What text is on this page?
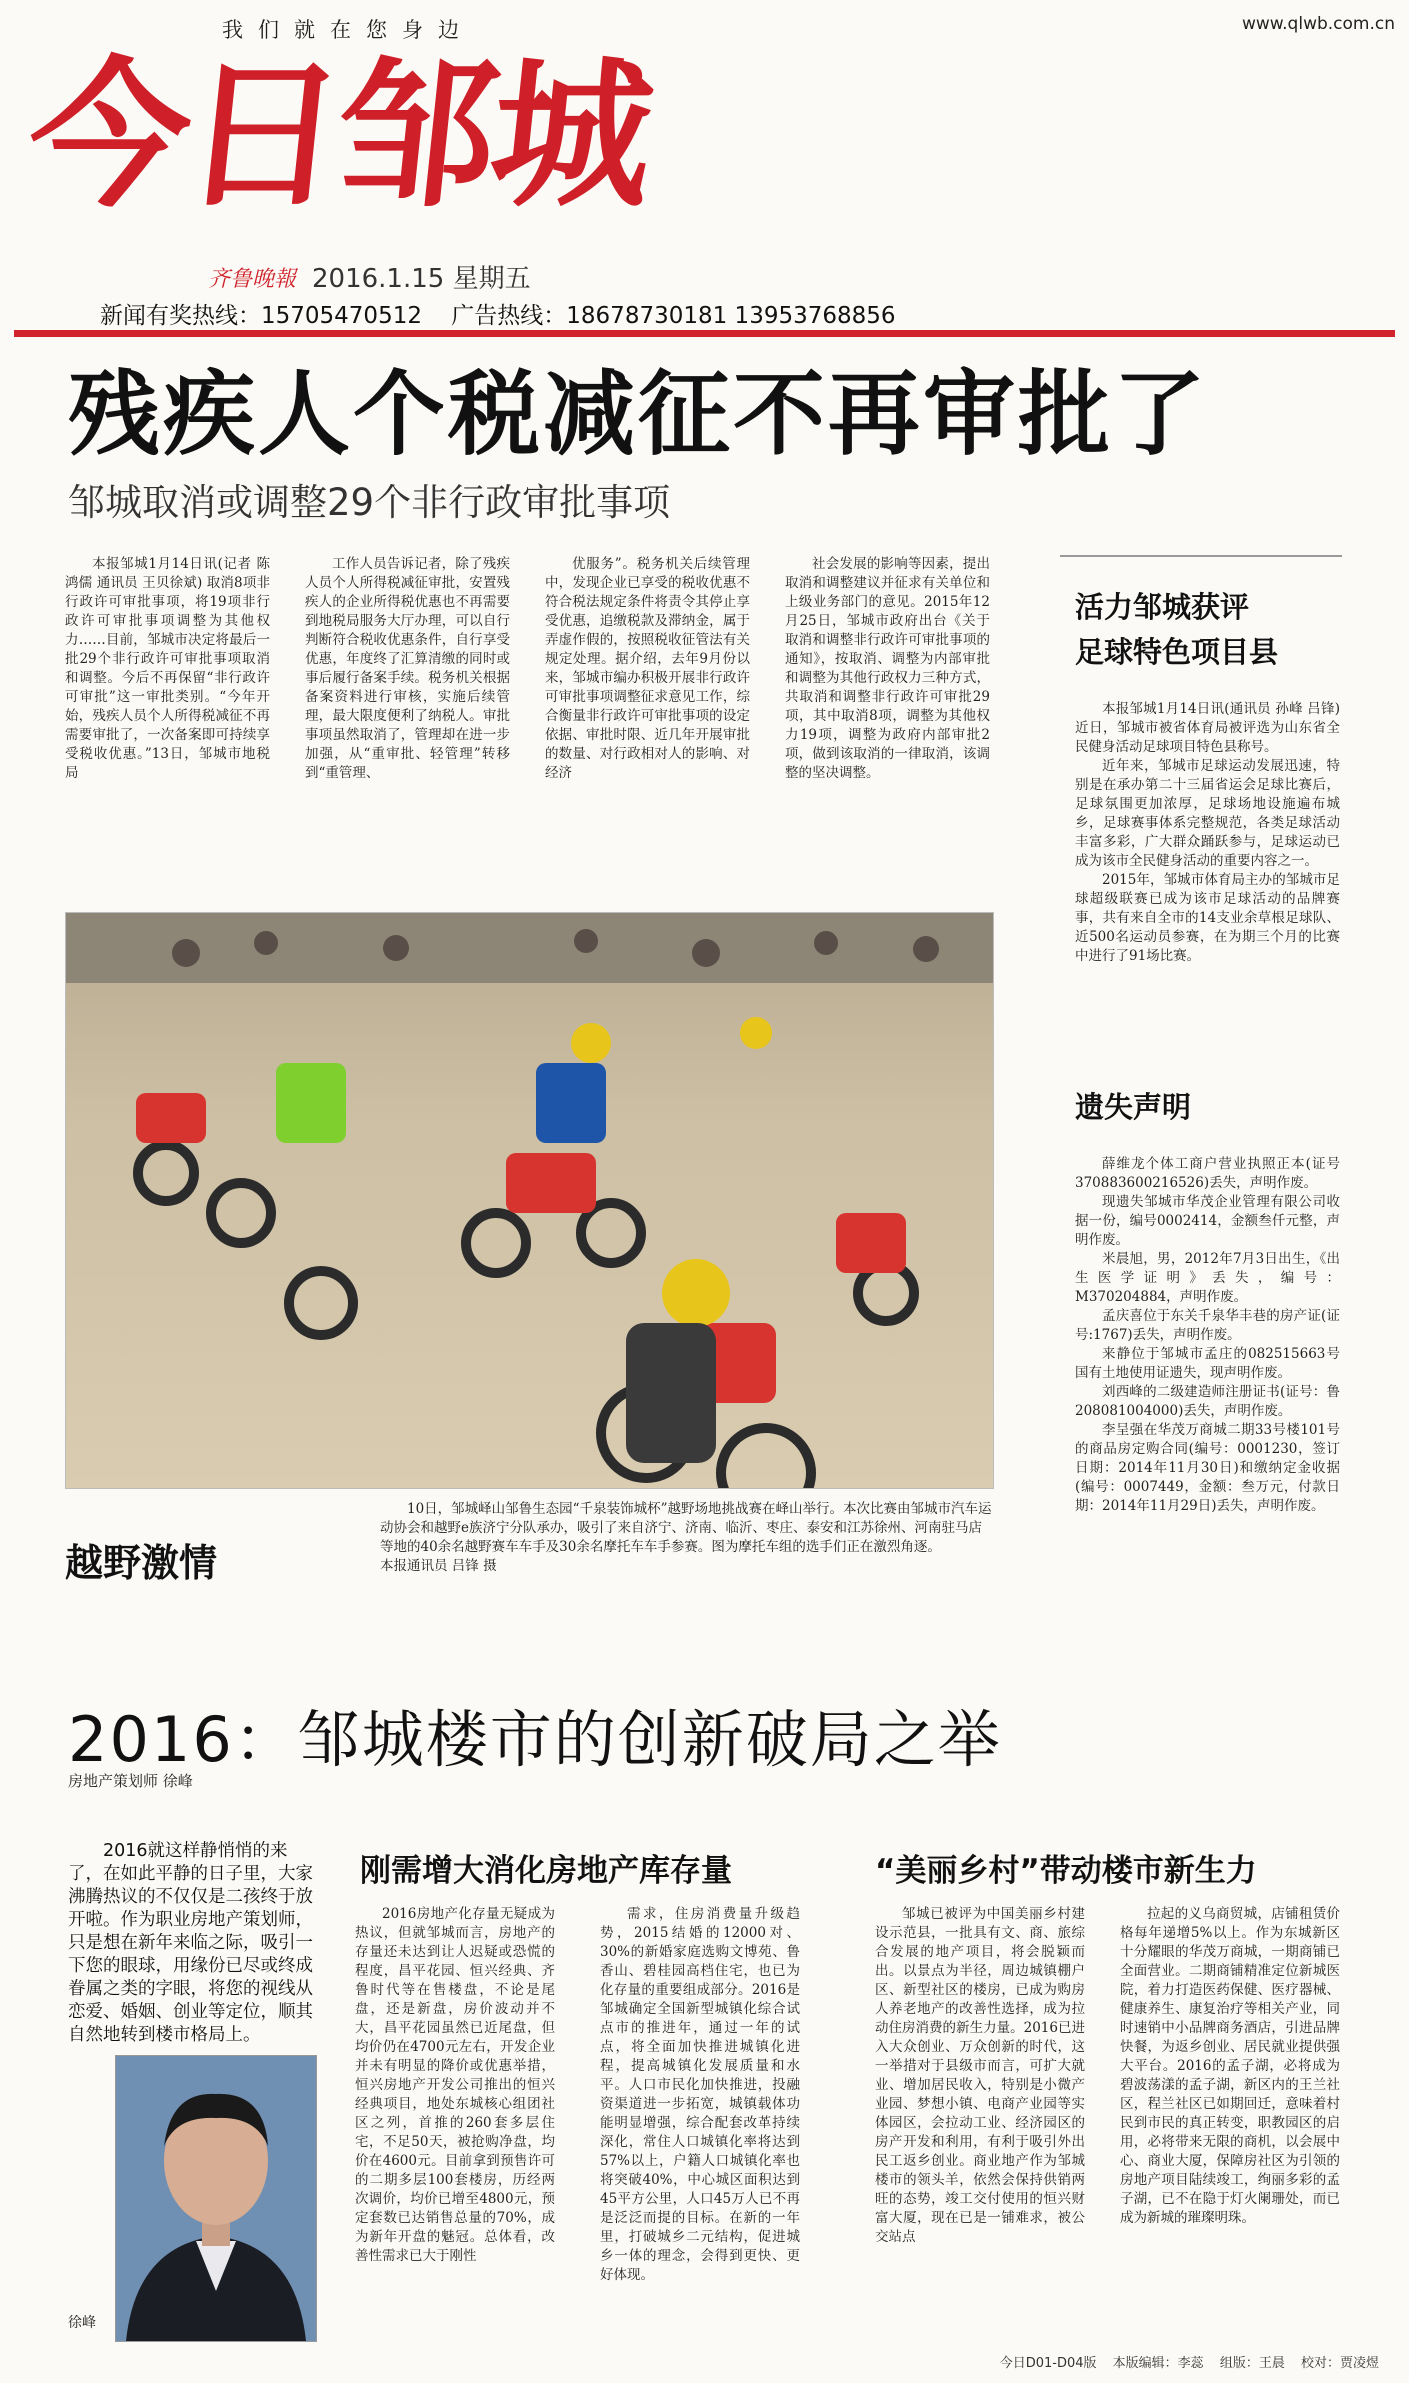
我们就在您身边	www.qlwb.com.cn
今日邹城
齐鲁晚報 2016.1.15 星期五
新闻有奖热线：15705470512 广告热线：18678730181 13953768856
残疾人个税减征不再审批了
邹城取消或调整29个非行政审批事项

本报邹城1月14日讯(记者 陈鸿儒 通讯员 王贝徐斌) 取消8项非行政许可审批事项，将19项非行政许可审批事项调整为其他权力……目前，邹城市决定将最后一批29个非行政许可审批事项取消和调整。今后不再保留“非行政许可审批”这一审批类别。“今年开始，残疾人员个人所得税减征不再需要审批了，一次备案即可持续享受税收优惠。”13日，邹城市地税局

工作人员告诉记者，除了残疾人员个人所得税减征审批，安置残疾人的企业所得税优惠也不再需要到地税局服务大厅办理，可以自行判断符合税收优惠条件，自行享受优惠，年度终了汇算清缴的同时或事后履行备案手续。税务机关根据备案资料进行审核，实施后续管理，最大限度便利了纳税人。审批事项虽然取消了，管理却在进一步加强，从“重审批、轻管理”转移到“重管理、

优服务”。税务机关后续管理中，发现企业已享受的税收优惠不符合税法规定条件将责令其停止享受优惠，追缴税款及滞纳金，属于弄虚作假的，按照税收征管法有关规定处理。据介绍，去年9月份以来，邹城市编办积极开展非行政许可审批事项调整征求意见工作，综合衡量非行政许可审批事项的设定依据、审批时限、近几年开展审批的数量、对行政相对人的影响、对经济

社会发展的影响等因素，提出取消和调整建议并征求有关单位和上级业务部门的意见。2015年12月25日，邹城市政府出台《关于取消和调整非行政许可审批事项的通知》，按取消、调整为内部审批和调整为其他行政权力三种方式，共取消和调整非行政许可审批29项，其中取消8项，调整为其他权力19项，调整为政府内部审批2项，做到该取消的一律取消，该调整的坚决调整。

活力邹城获评
足球特色项目县

本报邹城1月14日讯(通讯员 孙峰 吕锋) 近日，邹城市被省体育局被评选为山东省全民健身活动足球项目特色县称号。

近年来，邹城市足球运动发展迅速，特别是在承办第二十三届省运会足球比赛后，足球氛围更加浓厚，足球场地设施遍布城乡，足球赛事体系完整规范，各类足球活动丰富多彩，广大群众踊跃参与，足球运动已成为该市全民健身活动的重要内容之一。

2015年，邹城市体育局主办的邹城市足球超级联赛已成为该市足球活动的品牌赛事，共有来自全市的14支业余草根足球队、近500名运动员参赛，在为期三个月的比赛中进行了91场比赛。

遗失声明

薛维龙个体工商户营业执照正本(证号370883600216526)丢失，声明作废。

现遗失邹城市华茂企业管理有限公司收据一份，编号0002414，金额叁仟元整，声明作废。

米晨旭，男，2012年7月3日出生，《出生医学证明》丢失，编号：M370204884，声明作废。

孟庆喜位于东关千泉华丰巷的房产证(证号:1767)丢失，声明作废。

来静位于邹城市孟庄的082515663号国有土地使用证遗失，现声明作废。

刘西峰的二级建造师注册证书(证号：鲁208081004000)丢失，声明作废。

李呈强在华茂万商城二期33号楼101号的商品房定购合同(编号：0001230，签订日期：2014年11月30日)和缴纳定金收据(编号：0007449，金额：叁万元，付款日期：2014年11月29日)丢失，声明作废。

10日，邹城峄山邹鲁生态园“千泉装饰城杯”越野场地挑战赛在峄山举行。本次比赛由邹城市汽车运动协会和越野e族济宁分队承办，吸引了来自济宁、济南、临沂、枣庄、泰安和江苏徐州、河南驻马店等地的40余名越野赛车车手及30余名摩托车车手参赛。图为摩托车组的选手们正在激烈角逐。
本报通讯员 吕锋 摄
越野激情
2016：邹城楼市的创新破局之举
房地产策划师 徐峰
2016就这样静悄悄的来了，在如此平静的日子里，大家沸腾热议的不仅仅是二孩终于放开啦。作为职业房地产策划师，只是想在新年来临之际，吸引一下您的眼球，用缘份已尽或终成眷属之类的字眼，将您的视线从恋爱、婚姻、创业等定位，顺其自然地转到楼市格局上。
徐峰
刚需增大消化房地产库存量

2016房地产化存量无疑成为热议，但就邹城而言，房地产的存量还未达到让人迟疑或恐慌的程度，昌平花园、恒兴经典、齐鲁时代等在售楼盘，不论是尾盘，还是新盘，房价波动并不大，昌平花园虽然已近尾盘，但均价仍在4700元左右，开发企业并未有明显的降价或优惠举措，恒兴房地产开发公司推出的恒兴经典项目，地处东城核心组团社区之列，首推的260套多层住宅，不足50天，被抢购净盘，均价在4600元。目前拿到预售许可的二期多层100套楼房，历经两次调价，均价已增至4800元，预定套数已达销售总量的70%，成为新年开盘的魅冠。总体看，改善性需求已大于刚性

需求，住房消费量升级趋势，2015结婚的12000对、30%的新婚家庭选购文博苑、鲁香山、碧桂园高档住宅，也已为化存量的重要组成部分。2016是邹城确定全国新型城镇化综合试点市的推进年，通过一年的试点，将全面加快推进城镇化进程，提高城镇化发展质量和水平。人口市民化加快推进，投融资渠道进一步拓宽，城镇载体功能明显增强，综合配套改革持续深化，常住人口城镇化率将达到57%以上，户籍人口城镇化率也将突破40%，中心城区面积达到45平方公里，人口45万人已不再是泛泛而提的目标。在新的一年里，打破城乡二元结构，促进城乡一体的理念，会得到更快、更好体现。

“美丽乡村”带动楼市新生力

邹城已被评为中国美丽乡村建设示范县，一批具有文、商、旅综合发展的地产项目，将会脱颖而出。以景点为半径，周边城镇棚户区、新型社区的楼房，已成为购房人养老地产的改善性选择，成为拉动住房消费的新生力量。2016已进入大众创业、万众创新的时代，这一举措对于县级市而言，可扩大就业、增加居民收入，特别是小微产业园、梦想小镇、电商产业园等实体园区，会拉动工业、经济园区的房产开发和利用，有利于吸引外出民工返乡创业。商业地产作为邹城楼市的领头羊，依然会保持供销两旺的态势，竣工交付使用的恒兴财富大厦，现在已是一铺难求，被公交站点

拉起的义乌商贸城，店铺租赁价格每年递增5%以上。作为东城新区十分耀眼的华茂万商城，一期商铺已全面营业。二期商铺精准定位新城医院，着力打造医药保健、医疗器械、健康养生、康复治疗等相关产业，同时速销中小品牌商务酒店，引进品牌快餐，为返乡创业、居民就业提供强大平台。2016的孟子湖，必将成为碧波荡漾的孟子湖，新区内的王兰社区，程兰社区已如期回迁，意味着村民到市民的真正转变，职教园区的启用，必将带来无限的商机，以会展中心、商业大厦，保障房社区为引领的房地产项目陆续竣工，绚丽多彩的孟子湖，已不在隐于灯火阑珊处，而已成为新城的璀璨明珠。

今日D01-D04版 本版编辑：李蕊 组版：王晨 校对：贾凌煜
